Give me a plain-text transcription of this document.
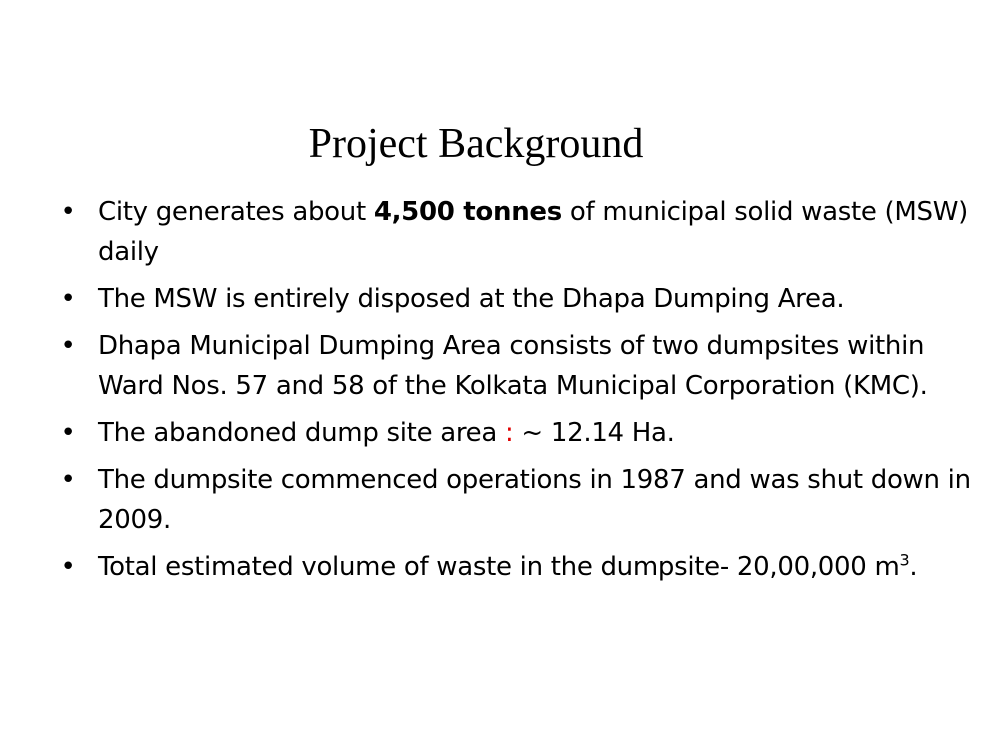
Project Background
• City generates about 4,500 tonnes of municipal solid waste (MSW) daily
• The MSW is entirely disposed at the Dhapa Dumping Area.
• Dhapa Municipal Dumping Area consists of two dumpsites within Ward Nos. 57 and 58 of the Kolkata Municipal Corporation (KMC).
• The abandoned dump site area : ~ 12.14 Ha.
• The dumpsite commenced operations in 1987 and was shut down in 2009.
• Total estimated volume of waste in the dumpsite- 20,00,000 $m^3$.
